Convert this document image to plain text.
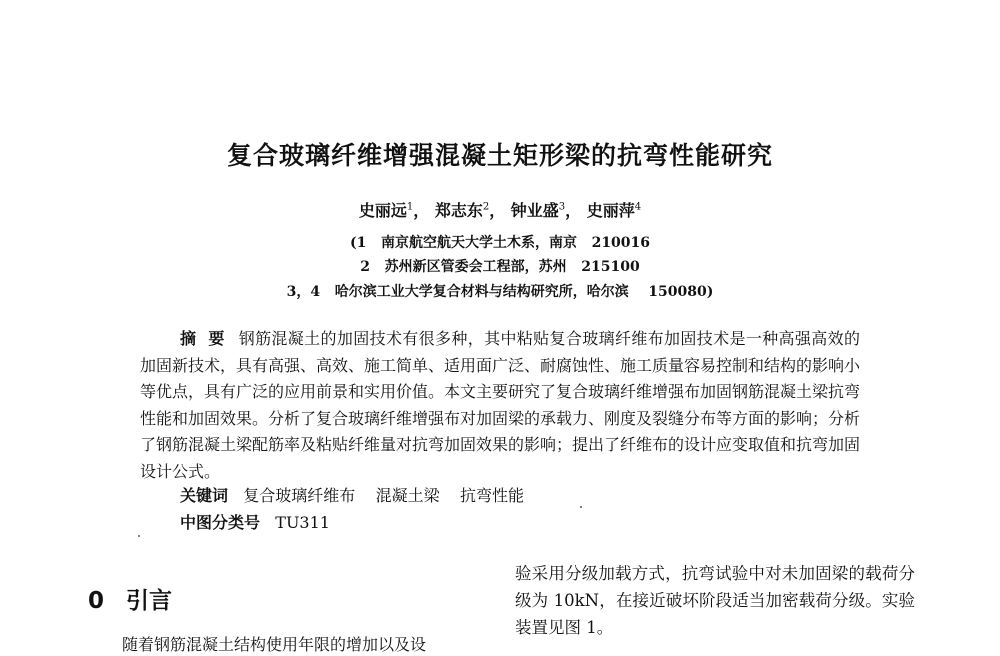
复合玻璃纤维增强混凝土矩形梁的抗弯性能研究

史丽远$^1$， 郑志东$^2$， 钟业盛$^3$， 史丽萍$^4$

(1   南京航空航天大学土木系，南京   210016

2   苏州新区管委会工程部，苏州   215100

3，4   哈尔滨工业大学复合材料与结构研究所，哈尔滨    150080)

摘要 钢筋混凝土的加固技术有很多种，其中粘贴复合玻璃纤维布加固技术是一种高强高效的加固新技术，具有高强、高效、施工简单、适用面广泛、耐腐蚀性、施工质量容易控制和结构的影响小等优点，具有广泛的应用前景和实用价值。本文主要研究了复合玻璃纤维增强布加固钢筋混凝土梁抗弯性能和加固效果。分析了复合玻璃纤维增强布对加固梁的承载力、刚度及裂缝分布等方面的影响；分析了钢筋混凝土梁配筋率及粘贴纤维量对抗弯加固效果的影响；提出了纤维布的设计应变取值和抗弯加固设计公式。

关键词   复合玻璃纤维布    混凝土梁    抗弯性能

中图分类号   TU311

0 引言

随着钢筋混凝土结构使用年限的增加以及设

验采用分级加载方式，抗弯试验中对未加固梁的载荷分级为 10kN，在接近破坏阶段适当加密载荷分级。实验装置见图 1。
